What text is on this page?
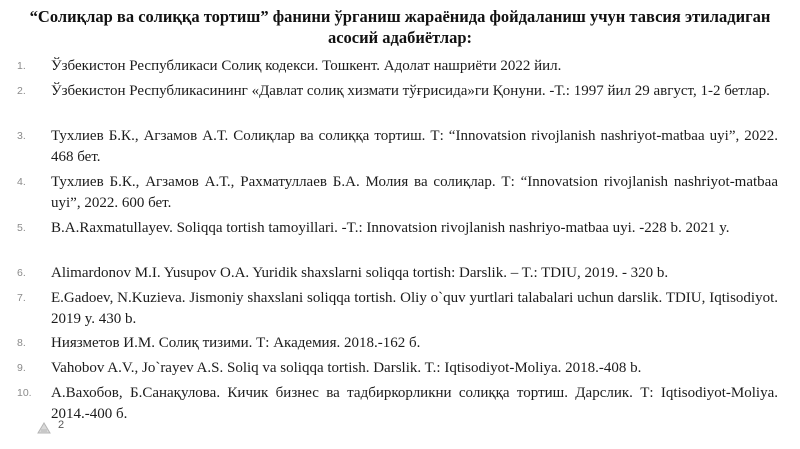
“Солиқлар ва солиққа тортиш” фанини ўрганиш жараёнида фойдаланиш учун тавсия этиладиган асосий адабиётлар:
1.	Ўзбекистон Республикаси Солиқ кодекси. Тошкент. Адолат нашриёти 2022 йил.
2.	Ўзбекистон Республикасининг «Давлат солиқ хизмати тўғрисида»ги Қонуни. -Т.: 1997 йил 29 август, 1-2 бетлар.
3.	Тухлиев Б.К., Агзамов А.Т. Солиқлар ва солиққа тортиш. Т: “Innovatsion rivojlanish nashriyot-matbaa uyi”, 2022. 468 бет.
4.	Тухлиев Б.К., Агзамов А.Т., Рахматуллаев Б.А. Молия ва солиқлар. Т: “Innovatsion rivojlanish nashriyot-matbaa uyi”, 2022. 600 бет.
5.	B.A.Raxmatullayev. Soliqqa tortish tamoyillari. -T.: Innovatsion rivojlanish nashriyo-matbaa uyi. -228 b. 2021 y.
6.	Alimardonov M.I. Yusupov O.A. Yuridik shaxslarni soliqqa tortish: Darslik. – T.: TDIU, 2019. - 320 b.
7.	E.Gadoev, N.Kuzieva. Jismoniy shaxslani soliqqa tortish. Oliy o`quv yurtlari talabalari uchun darslik. TDIU, Iqtisodiyot. 2019 y. 430 b.
8.	Ниязметов И.М. Солиқ тизими. Т: Академия. 2018.-162 б.
9.	Vahobov A.V., Jo`rayev A.S. Soliq va soliqqa tortish. Darslik. T.: Iqtisodiyot-Moliya. 2018.-408 b.
10.	А.Вахобов, Б.Санақулова. Кичик бизнес ва тадбиркорликни солиққа тортиш. Дарслик. Т: Iqtisodiyot-Moliya. 2014.-400 б.
2
